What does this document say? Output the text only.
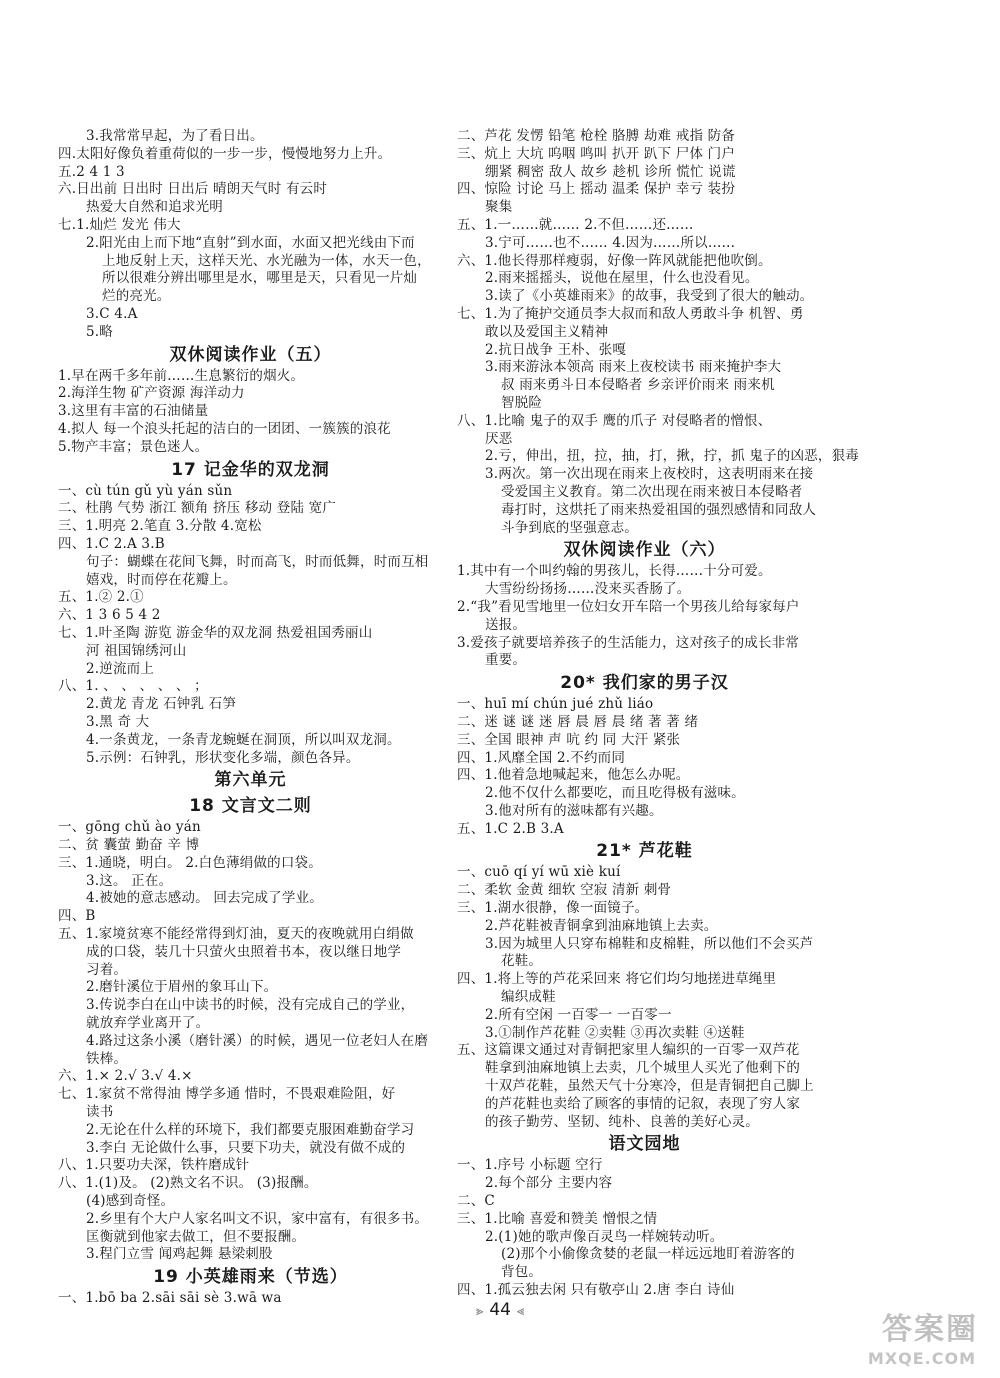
3.我常常早起，为了看日出。
四.太阳好像负着重荷似的一步一步，慢慢地努力上升。
五.2 4 1 3
六.日出前 日出时 日出后 晴朗天气时 有云时
热爱大自然和追求光明
七.1.灿烂 发光 伟大
2.阳光由上而下地“直射”到水面，水面又把光线由下而
上地反射上天，这样天光、水光融为一体，水天一色，
所以很难分辨出哪里是水，哪里是天，只看见一片灿
烂的亮光。
3.C 4.A
5.略
双休阅读作业（五）
1.早在两千多年前……生息繁衍的烟火。
2.海洋生物 矿产资源 海洋动力
3.这里有丰富的石油储量
4.拟人 每一个浪头托起的洁白的一团团、一簇簇的浪花
5.物产丰富；景色迷人。
17 记金华的双龙洞
一、cù tún gǔ yù yán sǔn
二、杜鹃 气势 浙江 额角 挤压 移动 登陆 宽广
三、1.明亮 2.笔直 3.分散 4.宽松
四、1.C 2.A 3.B
句子：蝴蝶在花间飞舞，时而高飞，时而低舞，时而互相
嬉戏，时而停在花瓣上。
五、1.② 2.①
六、1 3 6 5 4 2
七、1.叶圣陶 游览 游金华的双龙洞 热爱祖国秀丽山
河 祖国锦绣河山
2.逆流而上
八、1. 、 、 、 、 、 ；
2.黄龙 青龙 石钟乳 石笋
3.黑 奇 大
4.一条黄龙，一条青龙蜿蜒在洞顶，所以叫双龙洞。
5.示例：石钟乳，形状变化多端，颜色各异。
第六单元
18 文言文二则
一、gōng chǔ ào yán
二、贫 囊萤 勤奋 辛 博
三、1.通晓，明白。 2.白色薄绢做的口袋。
3.这。 正在。
4.被她的意志感动。 回去完成了学业。
四、B
五、1.家境贫寒不能经常得到灯油，夏天的夜晚就用白绢做
成的口袋，装几十只萤火虫照着书本，夜以继日地学
习着。
2.磨针溪位于眉州的象耳山下。
3.传说李白在山中读书的时候，没有完成自己的学业，
就放弃学业离开了。
4.路过这条小溪（磨针溪）的时候，遇见一位老妇人在磨
铁棒。
六、1.× 2.√ 3.√ 4.×
七、1.家贫不常得油 博学多通 惜时，不畏艰难险阻，好
读书
2.无论在什么样的环境下，我们都要克服困难勤奋学习
3.李白 无论做什么事，只要下功夫，就没有做不成的
八、1.只要功夫深，铁杵磨成针
八、1.(1)及。 (2)熟文名不识。 (3)报酬。
(4)感到奇怪。
2.乡里有个大户人家名叫文不识，家中富有，有很多书。
匡衡就到他家去做工，但不要报酬。
3.程门立雪 闻鸡起舞 悬梁刺股
19 小英雄雨来（节选）
一、1.bō ba 2.sāi sāi sè 3.wā wa
二、芦花 发愣 铅笔 枪栓 胳膊 劫难 戒指 防备
三、炕上 大坑 呜咽 鸣叫 扒开 趴下 尸体 门户
绷紧 稠密 敌人 故乡 趁机 诊所 慌忙 说谎
四、惊险 讨论 马上 摇动 温柔 保护 幸亏 装扮
聚集
五、1.一……就…… 2.不但……还……
3.宁可……也不…… 4.因为……所以……
六、1.他长得那样瘦弱，好像一阵风就能把他吹倒。
2.雨来摇摇头，说他在屋里，什么也没看见。
3.读了《小英雄雨来》的故事，我受到了很大的触动。
七、1.为了掩护交通员李大叔而和敌人勇敢斗争 机智、勇
敢以及爱国主义精神
2.抗日战争 王朴、张嘎
3.雨来游泳本领高 雨来上夜校读书 雨来掩护李大
叔 雨来勇斗日本侵略者 乡亲评价雨来 雨来机
智脱险
八、1.比喻 鬼子的双手 鹰的爪子 对侵略者的憎恨、
厌恶
2.亏，伸出，扭，拉，抽，打，揪，拧，抓 鬼子的凶恶，狠毒
3.两次。第一次出现在雨来上夜校时，这表明雨来在接
受爱国主义教育。第二次出现在雨来被日本侵略者
毒打时，这烘托了雨来热爱祖国的强烈感情和同敌人
斗争到底的坚强意志。
双休阅读作业（六）
1.其中有一个叫约翰的男孩儿，长得……十分可爱。
大雪纷纷扬扬……没来买香肠了。
2.“我”看见雪地里一位妇女开车陪一个男孩儿给每家每户
送报。
3.爱孩子就要培养孩子的生活能力，这对孩子的成长非常
重要。
20* 我们家的男子汉
一、huī mí chún jué zhǔ liáo
二、迷 谜 谜 迷 唇 晨 唇 晨 绪 著 著 绪
三、全国 眼神 声 吭 约 同 大汗 紧张
四、1.风靡全国 2.不约而同
四、1.他着急地喊起来，他怎么办呢。
2.他不仅什么都要吃，而且吃得极有滋味。
3.他对所有的滋味都有兴趣。
五、1.C 2.B 3.A
21* 芦花鞋
一、cuō qí yí wū xiè kuí
二、柔软 金黄 细软 空寂 清新 刺骨
三、1.湖水很静，像一面镜子。
2.芦花鞋被青铜拿到油麻地镇上去卖。
3.因为城里人只穿布棉鞋和皮棉鞋，所以他们不会买芦
花鞋。
四、1.将上等的芦花采回来 将它们均匀地搓进草绳里
编织成鞋
2.所有空闲 一百零一 一百零一
3.①制作芦花鞋 ②卖鞋 ③再次卖鞋 ④送鞋
五、这篇课文通过对青铜把家里人编织的一百零一双芦花
鞋拿到油麻地镇上去卖，几个城里人买光了他剩下的
十双芦花鞋，虽然天气十分寒冷，但是青铜把自己脚上
的芦花鞋也卖给了顾客的事情的记叙，表现了穷人家
的孩子勤劳、坚韧、纯朴、良善的美好心灵。
语文园地
一、1.序号 小标题 空行
2.每个部分 主要内容
二、C
三、1.比喻 喜爱和赞美 憎恨之情
2.(1)她的歌声像百灵鸟一样婉转动听。
(2)那个小偷像贪婪的老鼠一样远远地盯着游客的
背包。
四、1.孤云独去闲 只有敬亭山 2.唐 李白 诗仙
⪢ 44 ⪡
答案圈
MXQE.COM
